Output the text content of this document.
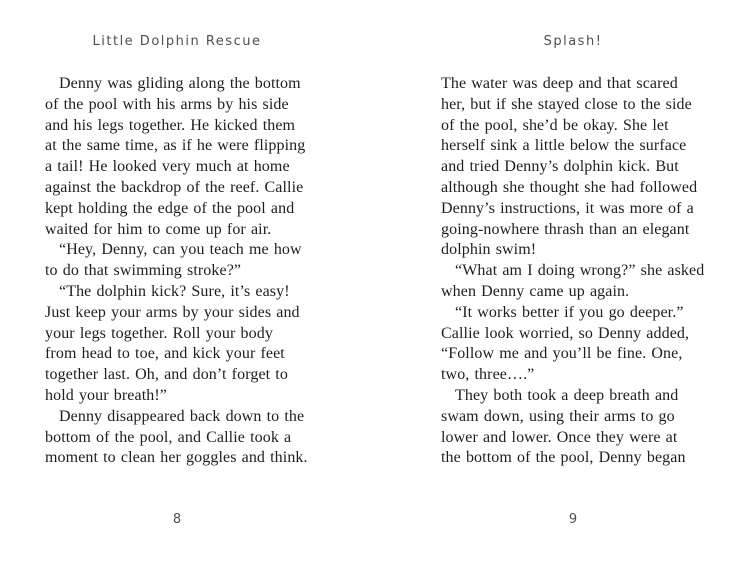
Little Dolphin Rescue
Denny was gliding along the bottom
of the pool with his arms by his side
and his legs together. He kicked them
at the same time, as if he were flipping
a tail! He looked very much at home
against the backdrop of the reef. Callie
kept holding the edge of the pool and
waited for him to come up for air.
“Hey, Denny, can you teach me how
to do that swimming stroke?”
“The dolphin kick? Sure, it’s easy!
Just keep your arms by your sides and
your legs together. Roll your body
from head to toe, and kick your feet
together last. Oh, and don’t forget to
hold your breath!”
Denny disappeared back down to the
bottom of the pool, and Callie took a
moment to clean her goggles and think.
8
Splash!
The water was deep and that scared
her, but if she stayed close to the side
of the pool, she’d be okay. She let
herself sink a little below the surface
and tried Denny’s dolphin kick. But
although she thought she had followed
Denny’s instructions, it was more of a
going-nowhere thrash than an elegant
dolphin swim!
“What am I doing wrong?” she asked
when Denny came up again.
“It works better if you go deeper.”
Callie look worried, so Denny added,
“Follow me and you’ll be fine. One,
two, three….”
They both took a deep breath and
swam down, using their arms to go
lower and lower. Once they were at
the bottom of the pool, Denny began
9
